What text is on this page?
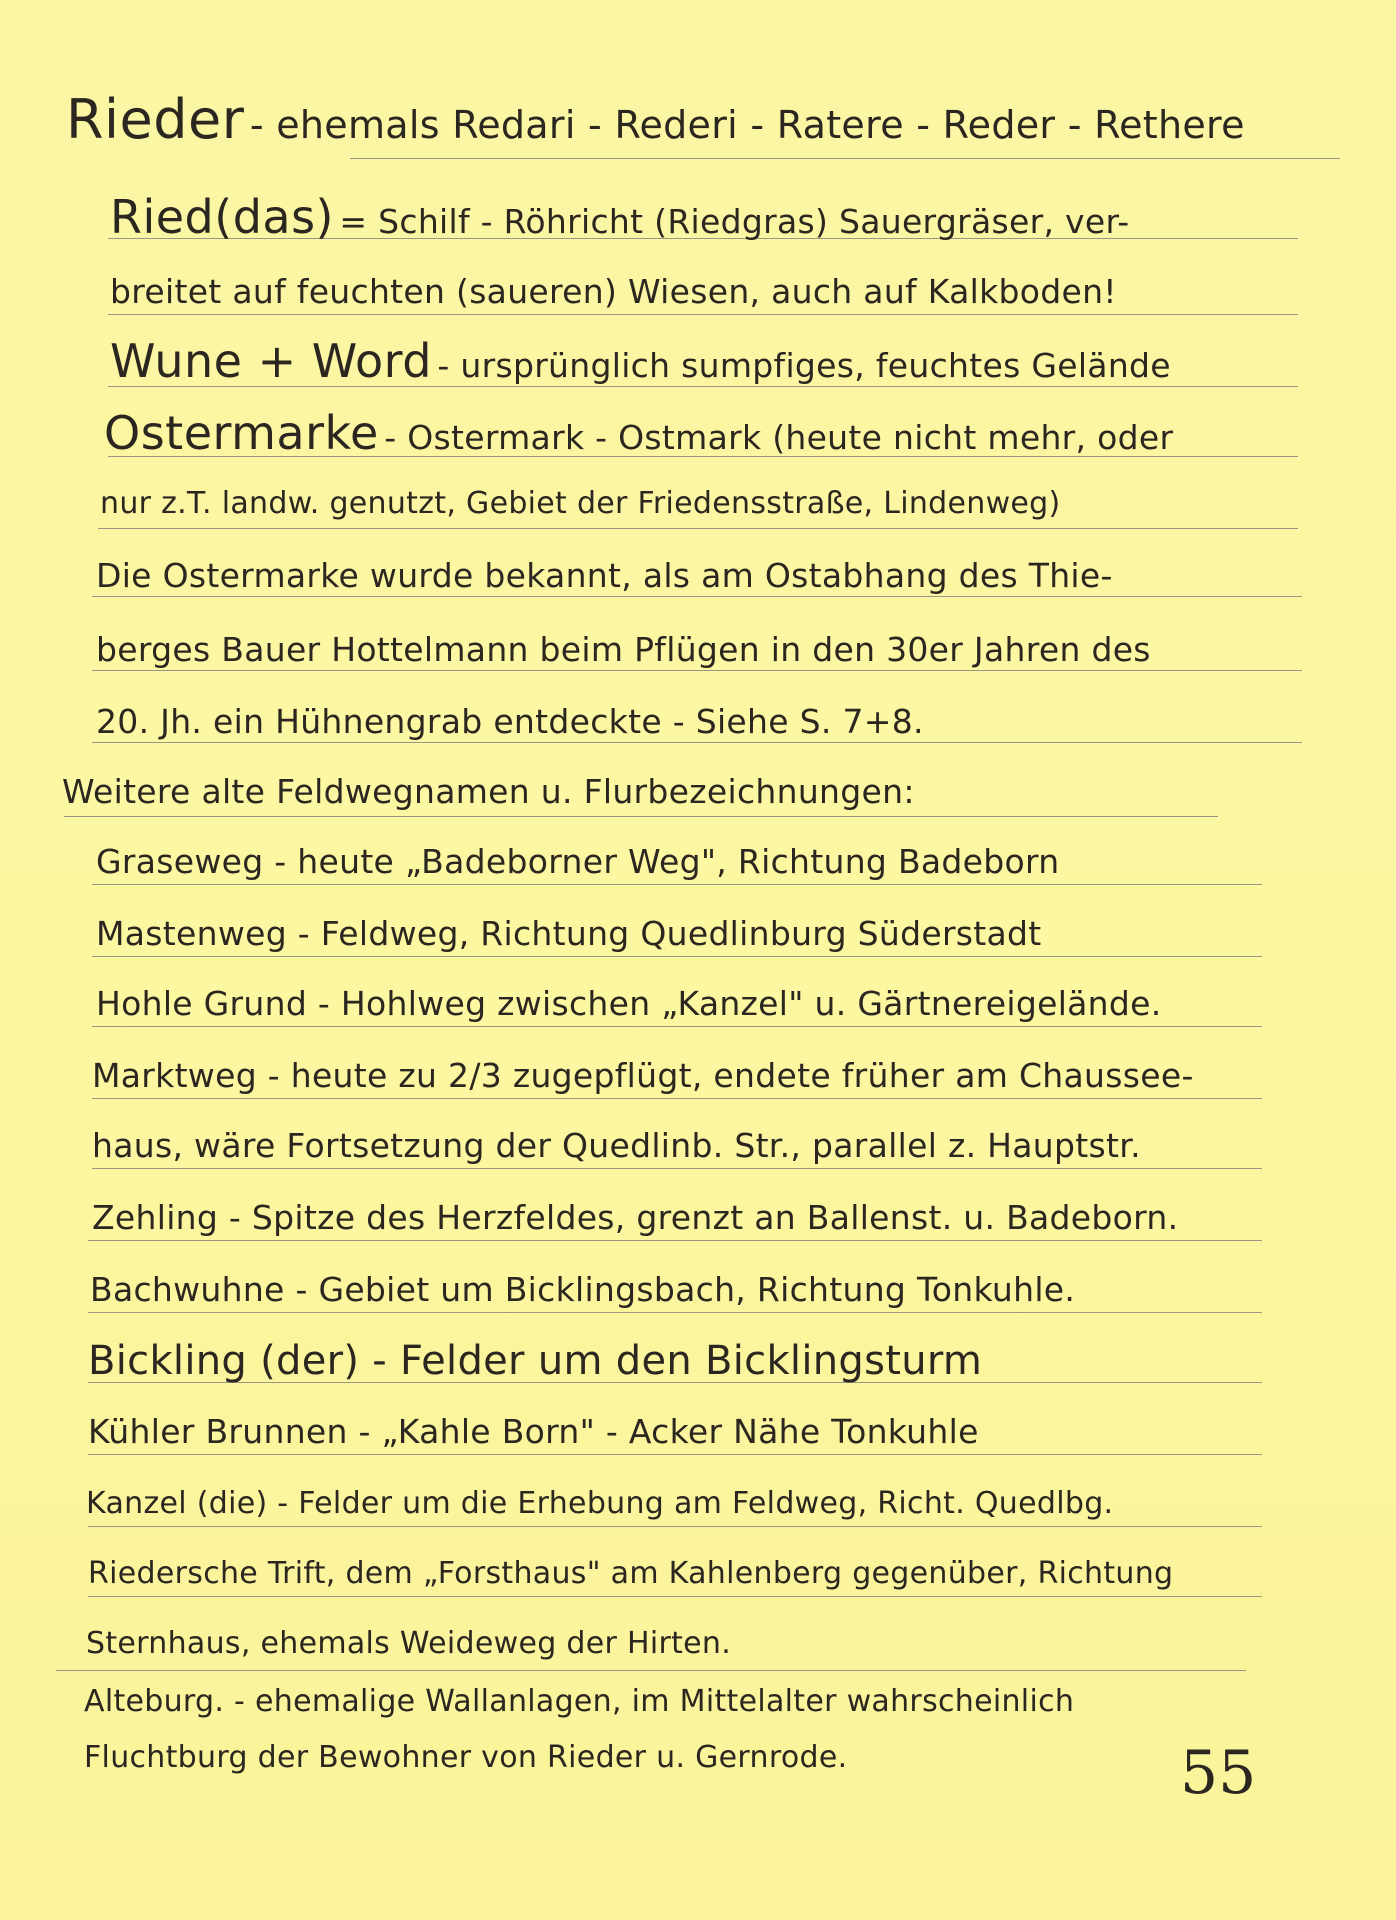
Rieder - ehemals Redari - Rederi - Ratere - Reder - Rethere
Ried(das) = Schilf - Röhricht (Riedgras) Sauergräser, ver-
breitet auf feuchten (saueren) Wiesen, auch auf Kalkboden!
Wune + Word - ursprünglich sumpfiges, feuchtes Gelände
Ostermarke - Ostermark - Ostmark (heute nicht mehr, oder
nur z.T. landw. genutzt, Gebiet der Friedensstraße, Lindenweg)
Die Ostermarke wurde bekannt, als am Ostabhang des Thie-
berges Bauer Hottelmann beim Pflügen in den 30er Jahren des
20. Jh. ein Hühnengrab entdeckte - Siehe S. 7+8.
Weitere alte Feldwegnamen u. Flurbezeichnungen:
Graseweg - heute „Badeborner Weg", Richtung Badeborn
Mastenweg - Feldweg, Richtung Quedlinburg Süderstadt
Hohle Grund - Hohlweg zwischen „Kanzel" u. Gärtnereigelände.
Marktweg - heute zu 2/3 zugepflügt, endete früher am Chaussee-
haus, wäre Fortsetzung der Quedlinb. Str., parallel z. Hauptstr.
Zehling - Spitze des Herzfeldes, grenzt an Ballenst. u. Badeborn.
Bachwuhne - Gebiet um Bicklingsbach, Richtung Tonkuhle.
Bickling (der) - Felder um den Bicklingsturm
Kühler Brunnen - „Kahle Born" - Acker Nähe Tonkuhle
Kanzel (die) - Felder um die Erhebung am Feldweg, Richt. Quedlbg.
Riedersche Trift, dem „Forsthaus" am Kahlenberg gegenüber, Richtung
Sternhaus, ehemals Weideweg der Hirten.
Alteburg. - ehemalige Wallanlagen, im Mittelalter wahrscheinlich
Fluchtburg der Bewohner von Rieder u. Gernrode.	55
